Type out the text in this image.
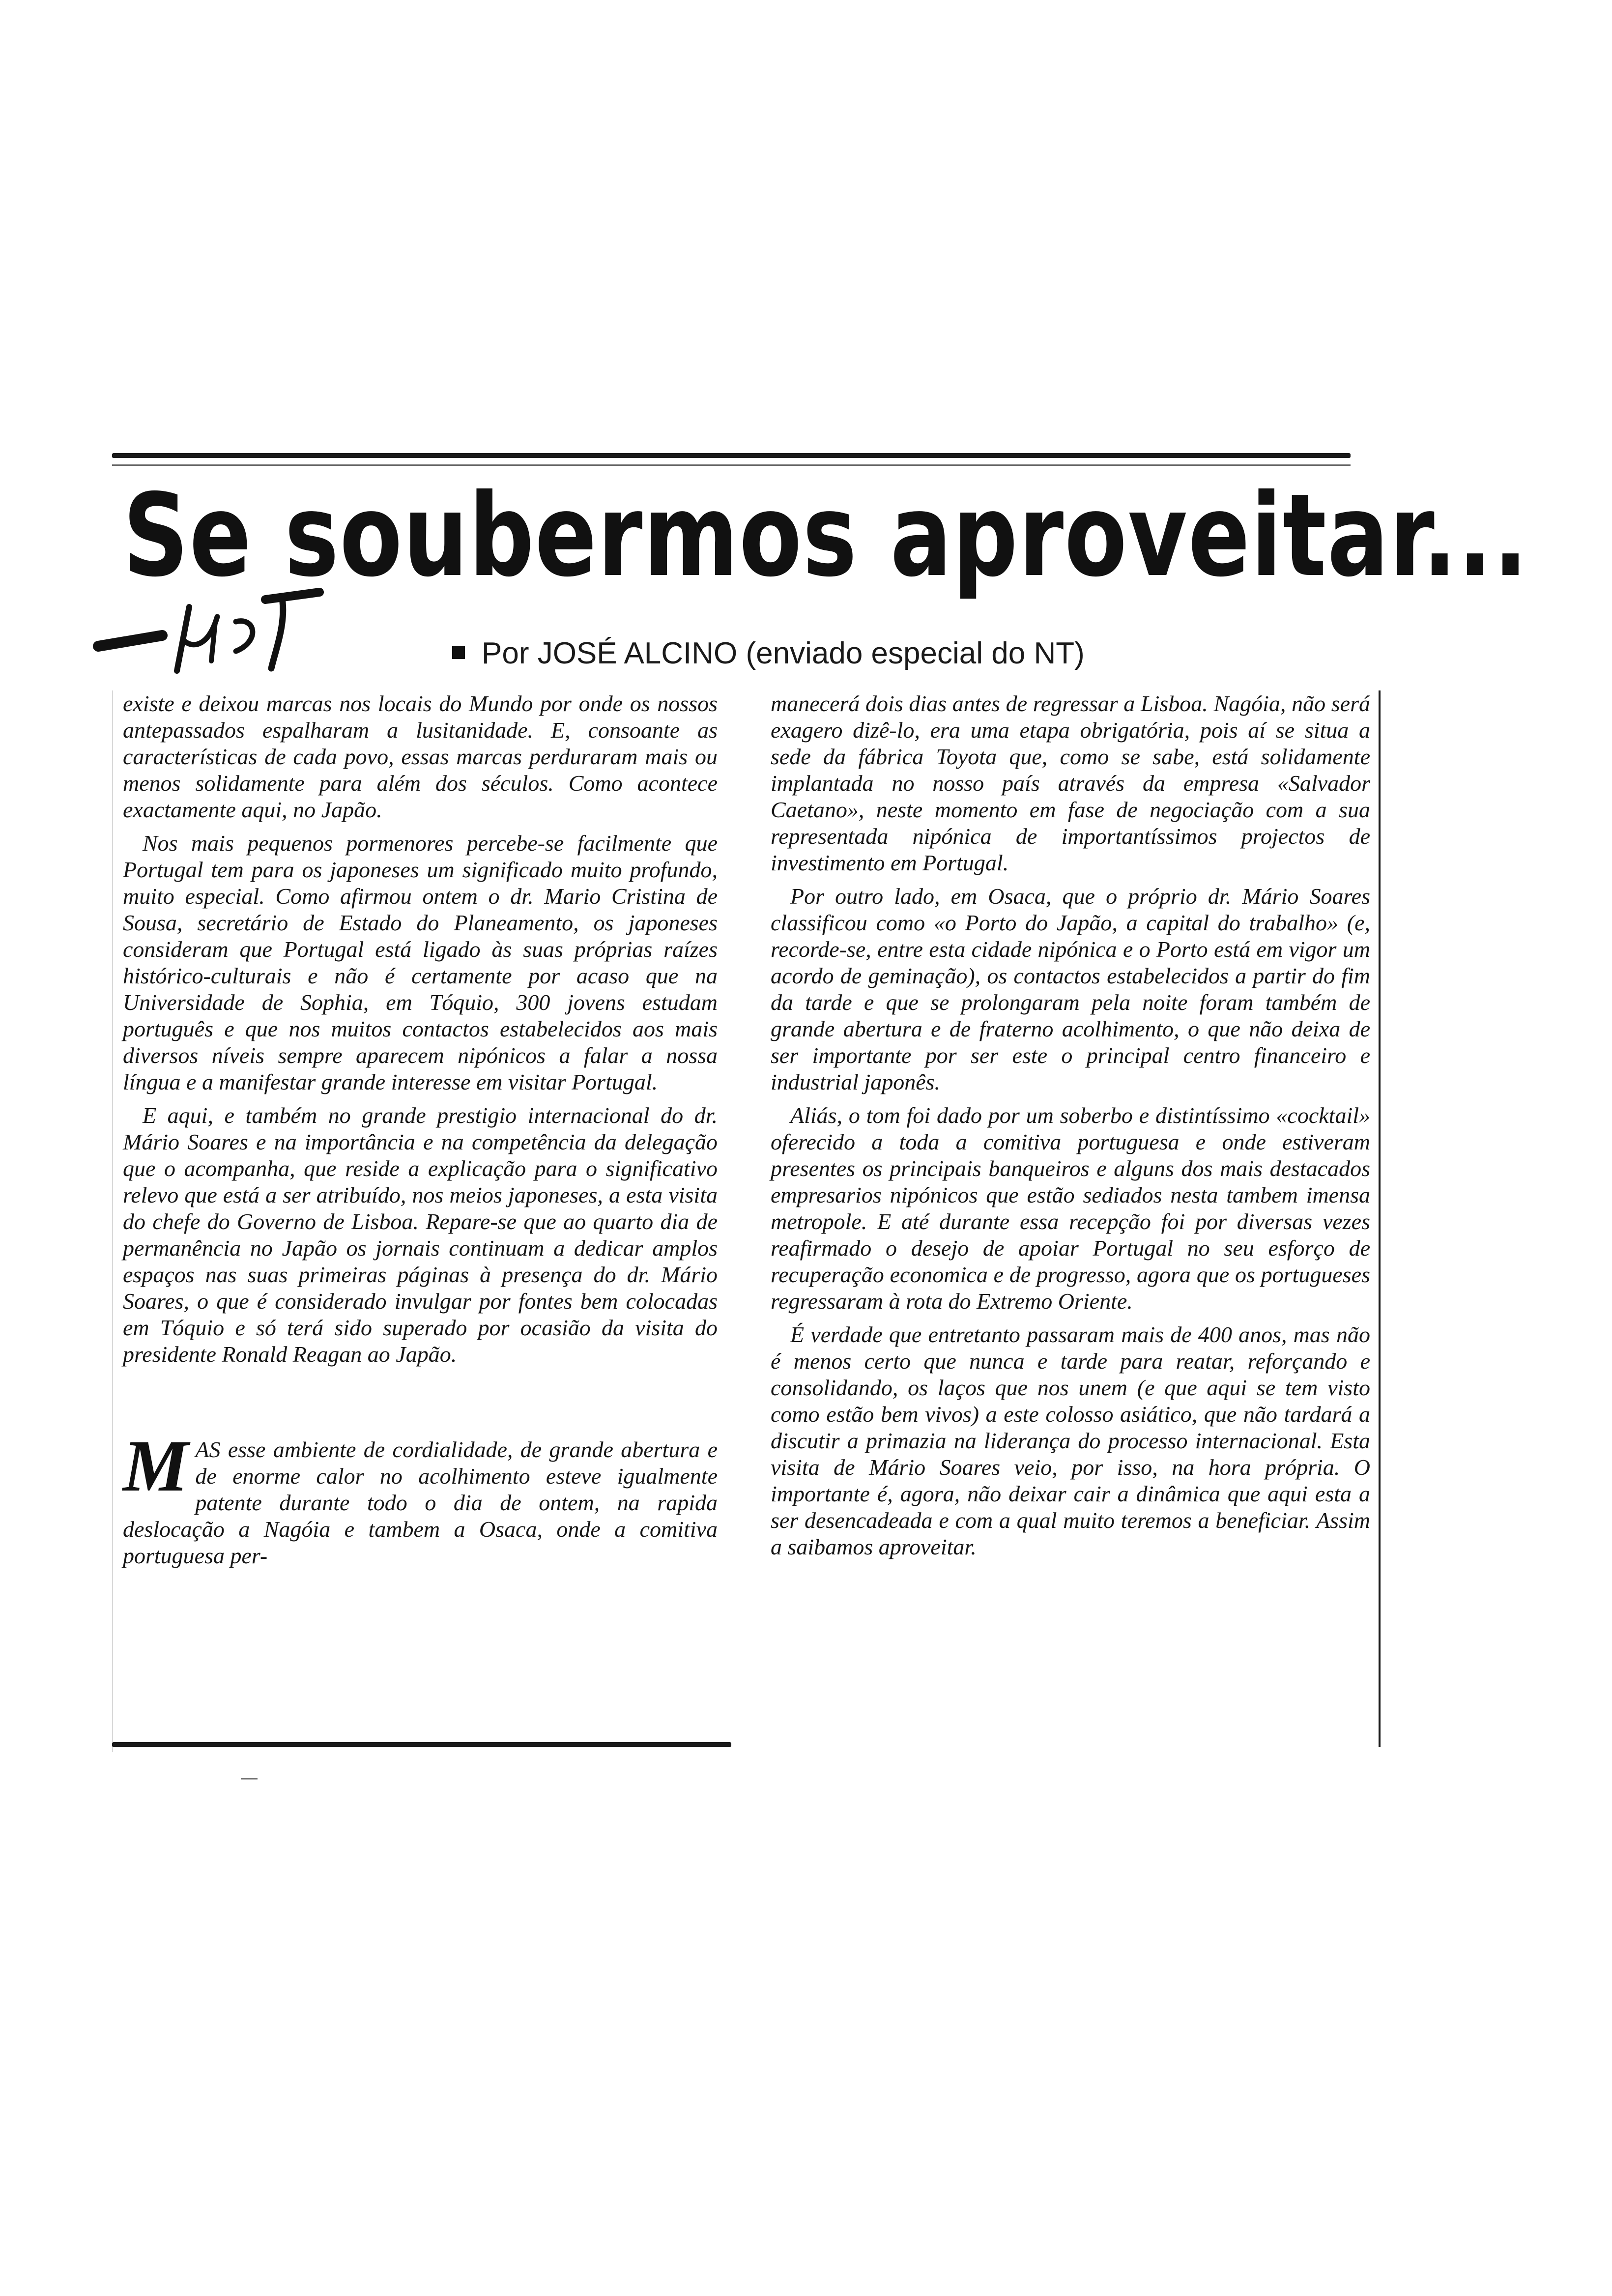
Se soubermos aproveitar...
Por JOSÉ ALCINO (enviado especial do NT)

existe e deixou marcas nos locais do Mundo por onde os nossos antepassados espalharam a lusitanidade. E, consoante as características de cada povo, essas marcas perduraram mais ou menos solidamente para além dos séculos. Como acontece exactamente aqui, no Japão.

Nos mais pequenos pormenores percebe-se facilmente que Portugal tem para os japoneses um significado muito profundo, muito especial. Como afirmou ontem o dr. Mario Cristina de Sousa, secretário de Estado do Planeamento, os japoneses consideram que Portugal está ligado às suas próprias raízes histórico-culturais e não é certamente por acaso que na Universidade de Sophia, em Tóquio, 300 jovens estudam português e que nos muitos contactos estabelecidos aos mais diversos níveis sempre aparecem nipónicos a falar a nossa língua e a manifestar grande interesse em visitar Portugal.

E aqui, e também no grande prestigio internacional do dr. Mário Soares e na importância e na competência da delegação que o acompanha, que reside a explicação para o significativo relevo que está a ser atribuído, nos meios japoneses, a esta visita do chefe do Governo de Lisboa. Repare-se que ao quarto dia de permanência no Japão os jornais continuam a dedicar amplos espaços nas suas primeiras páginas à presença do dr. Mário Soares, o que é considerado invulgar por fontes bem colocadas em Tóquio e só terá sido superado por ocasião da visita do presidente Ronald Reagan ao Japão.

MAS esse ambiente de cordialidade, de grande abertura e de enorme calor no acolhimento esteve igualmente patente durante todo o dia de ontem, na rapida deslocação a Nagóia e tambem a Osaca, onde a comitiva portuguesa per-

manecerá dois dias antes de regressar a Lisboa. Nagóia, não será exagero dizê-lo, era uma etapa obrigatória, pois aí se situa a sede da fábrica Toyota que, como se sabe, está solidamente implantada no nosso país através da empresa «Salvador Caetano», neste momento em fase de negociação com a sua representada nipónica de importantíssimos projectos de investimento em Portugal.

Por outro lado, em Osaca, que o próprio dr. Mário Soares classificou como «o Porto do Japão, a capital do trabalho» (e, recorde-se, entre esta cidade nipónica e o Porto está em vigor um acordo de geminação), os contactos estabelecidos a partir do fim da tarde e que se prolongaram pela noite foram também de grande abertura e de fraterno acolhimento, o que não deixa de ser importante por ser este o principal centro financeiro e industrial japonês.

Aliás, o tom foi dado por um soberbo e distintíssimo «cocktail» oferecido a toda a comitiva portuguesa e onde estiveram presentes os principais banqueiros e alguns dos mais destacados empresarios nipónicos que estão sediados nesta tambem imensa metropole. E até durante essa recepção foi por diversas vezes reafirmado o desejo de apoiar Portugal no seu esforço de recuperação economica e de progresso, agora que os portugueses regressaram à rota do Extremo Oriente.

É verdade que entretanto passaram mais de 400 anos, mas não é menos certo que nunca e tarde para reatar, reforçando e consolidando, os laços que nos unem (e que aqui se tem visto como estão bem vivos) a este colosso asiático, que não tardará a discutir a primazia na liderança do processo internacional. Esta visita de Mário Soares veio, por isso, na hora própria. O importante é, agora, não deixar cair a dinâmica que aqui esta a ser desencadeada e com a qual muito teremos a beneficiar. Assim a saibamos aproveitar.
